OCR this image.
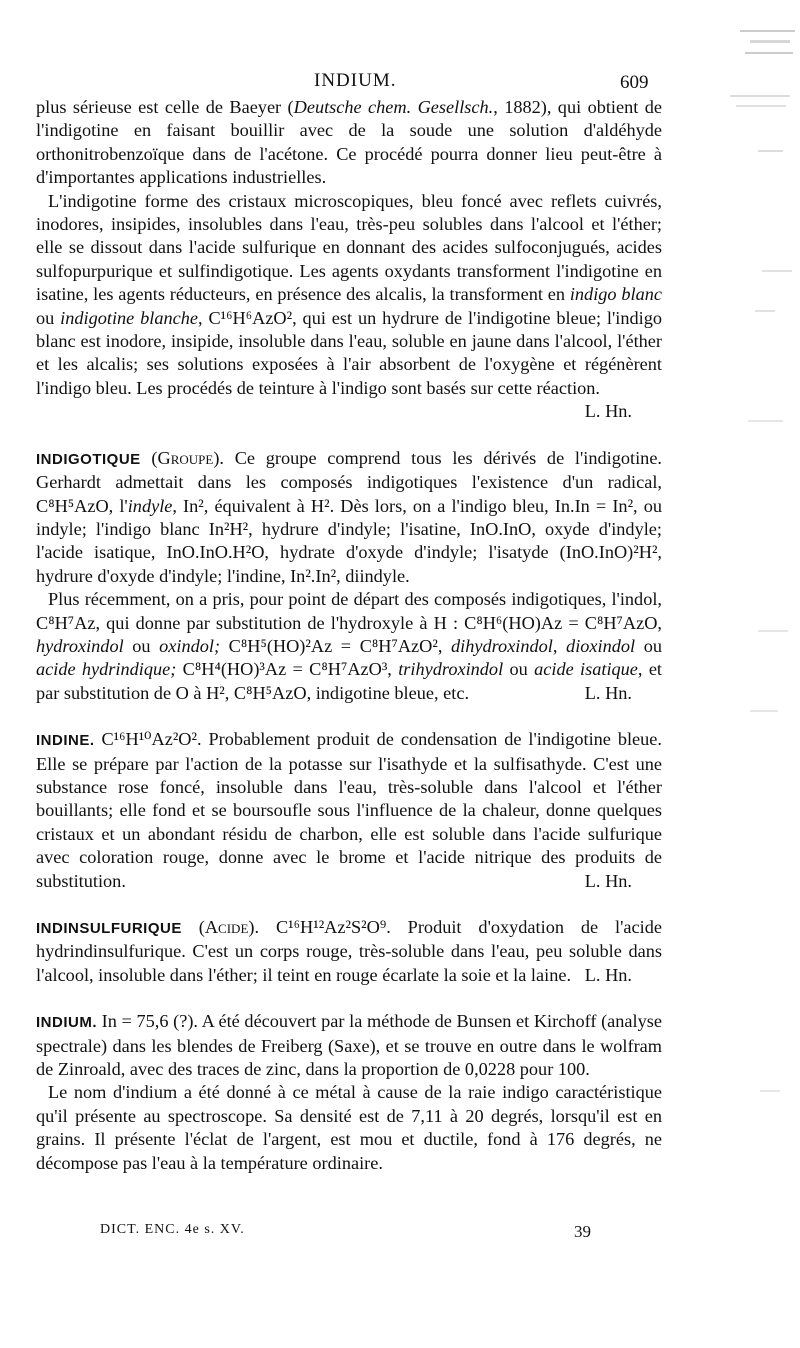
INDIUM.	609

plus sérieuse est celle de Baeyer (Deutsche chem. Gesellsch., 1882), qui obtient de l'indigotine en faisant bouillir avec de la soude une solution d'aldéhyde orthonitrobenzoïque dans de l'acétone. Ce procédé pourra donner lieu peut-être à d'importantes applications industrielles.

L'indigotine forme des cristaux microscopiques, bleu foncé avec reflets cuivrés, inodores, insipides, insolubles dans l'eau, très-peu solubles dans l'alcool et l'éther; elle se dissout dans l'acide sulfurique en donnant des acides sulfoconjugués, acides sulfopurpurique et sulfindigotique. Les agents oxydants transforment l'indigotine en isatine, les agents réducteurs, en présence des alcalis, la transforment en indigo blanc ou indigotine blanche, C¹⁶H⁶AzO², qui est un hydrure de l'indigotine bleue; l'indigo blanc est inodore, insipide, insoluble dans l'eau, soluble en jaune dans l'alcool, l'éther et les alcalis; ses solutions exposées à l'air absorbent de l'oxygène et régénèrent l'indigo bleu. Les procédés de teinture à l'indigo sont basés sur cette réaction.
L. Hn.

INDIGOTIQUE (Groupe). Ce groupe comprend tous les dérivés de l'indigotine. Gerhardt admettait dans les composés indigotiques l'existence d'un radical, C⁸H⁵AzO, l'indyle, In², équivalent à H². Dès lors, on a l'indigo bleu, In.In = In², ou indyle; l'indigo blanc In²H², hydrure d'indyle; l'isatine, InO.InO, oxyde d'indyle; l'acide isatique, InO.InO.H²O, hydrate d'oxyde d'indyle; l'isatyde (InO.InO)²H², hydrure d'oxyde d'indyle; l'indine, In².In², diindyle.

Plus récemment, on a pris, pour point de départ des composés indigotiques, l'indol, C⁸H⁷Az, qui donne par substitution de l'hydroxyle à H : C⁸H⁶(HO)Az = C⁸H⁷AzO, hydroxindol ou oxindol; C⁸H⁵(HO)²Az = C⁸H⁷AzO², dihydroxindol, dioxindol ou acide hydrindique; C⁸H⁴(HO)³Az = C⁸H⁷AzO³, trihydroxindol ou acide isatique, et par substitution de O à H², C⁸H⁵AzO, indigotine bleue, etc.	L. Hn.

INDINE. C¹⁶H¹⁰Az²O². Probablement produit de condensation de l'indigotine bleue. Elle se prépare par l'action de la potasse sur l'isathyde et la sulfisathyde. C'est une substance rose foncé, insoluble dans l'eau, très-soluble dans l'alcool et l'éther bouillants; elle fond et se boursoufle sous l'influence de la chaleur, donne quelques cristaux et un abondant résidu de charbon, elle est soluble dans l'acide sulfurique avec coloration rouge, donne avec le brome et l'acide nitrique des produits de substitution.	L. Hn.

INDINSULFURIQUE (Acide). C¹⁶H¹²Az²S²O⁹. Produit d'oxydation de l'acide hydrindinsulfurique. C'est un corps rouge, très-soluble dans l'eau, peu soluble dans l'alcool, insoluble dans l'éther; il teint en rouge écarlate la soie et la laine. L. Hn.

INDIUM. In = 75,6 (?). A été découvert par la méthode de Bunsen et Kirchoff (analyse spectrale) dans les blendes de Freiberg (Saxe), et se trouve en outre dans le wolfram de Zinroald, avec des traces de zinc, dans la proportion de 0,0228 pour 100.

Le nom d'indium a été donné à ce métal à cause de la raie indigo caractéristique qu'il présente au spectroscope. Sa densité est de 7,11 à 20 degrés, lorsqu'il est en grains. Il présente l'éclat de l'argent, est mou et ductile, fond à 176 degrés, ne décompose pas l'eau à la température ordinaire.

DICT. ENC. 4e s. XV.	39
